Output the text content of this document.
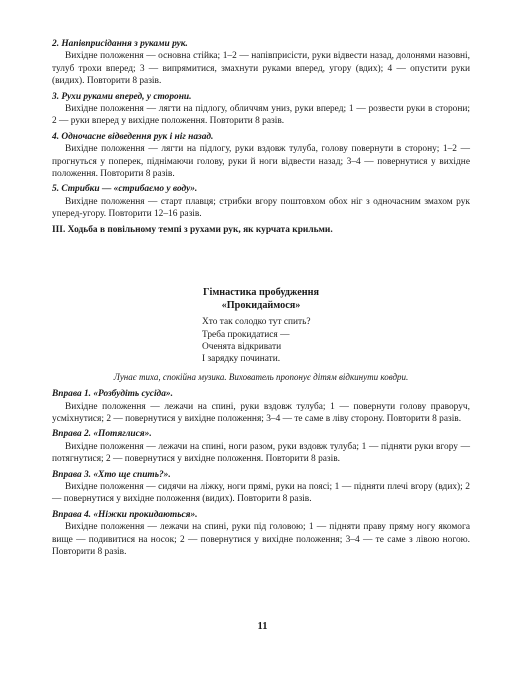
2. Напівприсідання з руками рук.

Вихідне положення — основна стійка; 1–2 — напівприсісти, руки відвести назад, долонями назовні, тулуб трохи вперед; 3 — випрямитися, змахнути руками вперед, угору (вдих); 4 — опустити руки (видих). Повторити 8 разів.

3. Рухи руками вперед, у сторони.

Вихідне положення — лягти на підлогу, обличчям униз, руки вперед; 1 — розвести руки в сторони; 2 — руки вперед у вихідне положення. Повторити 8 разів.

4. Одночасне відведення рук і ніг назад.

Вихідне положення — лягти на підлогу, руки вздовж тулуба, голову повернути в сторону; 1–2 — прогнуться у поперек, піднімаючи голову, руки й ноги відвести назад; 3–4 — повернутися у вихідне положення. Повторити 8 разів.

5. Стрибки — «стрибаємо у воду».

Вихідне положення — старт плавця; стрибки вгору поштовхом обох ніг з одночасним змахом рук уперед-угору. Повторити 12–16 разів.

ІІІ. Ходьба в повільному темпі з рухами рук, як курчата крильми.

Гімнастика пробудження

«Прокидаймося»

Хто так солодко тут спить?
Треба прокидатися —
Оченята відкривати
І зарядку починати.

Лунає тиха, спокійна музика. Вихователь пропонує дітям відкинути ковдри.

Вправа 1. «Розбудіть сусіда».

Вихідне положення — лежачи на спині, руки вздовж тулуба; 1 — повернути голову праворуч, усміхнутися; 2 — повернутися у вихідне положення; 3–4 — те саме в ліву сторону. Повторити 8 разів.

Вправа 2. «Потяглися».

Вихідне положення — лежачи на спині, ноги разом, руки вздовж тулуба; 1 — підняти руки вгору — потягнутися; 2 — повернутися у вихідне положення. Повторити 8 разів.

Вправа 3. «Хто ще спить?».

Вихідне положення — сидячи на ліжку, ноги прямі, руки на поясі; 1 — підняти плечі вгору (вдих); 2 — повернутися у вихідне положення (видих). Повторити 8 разів.

Вправа 4. «Ніжки прокидаються».

Вихідне положення — лежачи на спині, руки під головою; 1 — підняти праву пряму ногу якомога вище — подивитися на носок; 2 — повернутися у вихідне положення; 3–4 — те саме з лівою ногою. Повторити 8 разів.

11
